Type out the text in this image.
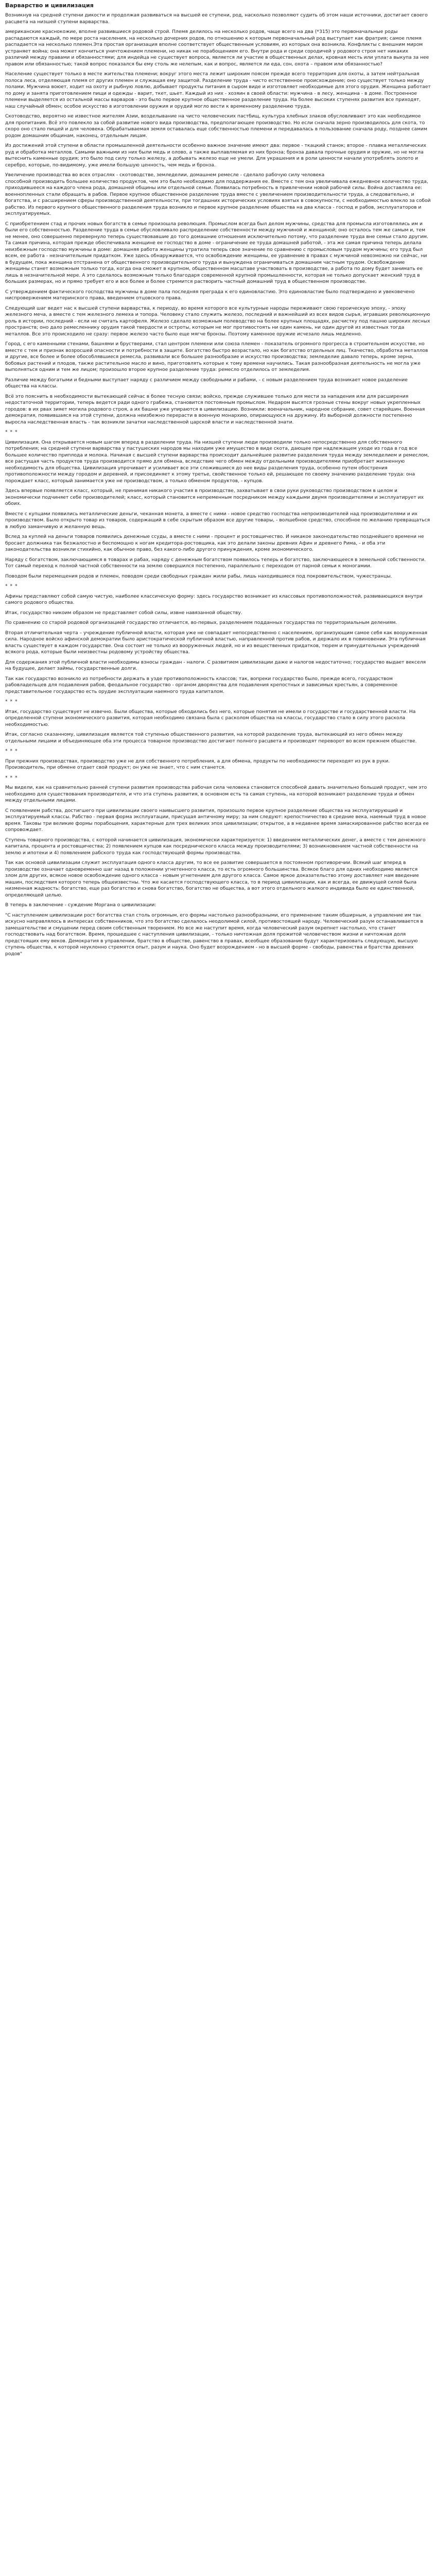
Варварство и цивилизация

Возникнув на средней ступени дикости и продолжая развиваться на высшей ее ступени, род, насколько позволяют судить об этом наши источники, достигает своего расцвета на низшей ступени варварства.

американские краснокожие, вполне развившиеся родовой строй. Племя делилось на несколько родов, чаще всего на два (*315) это первоначальные роды распадаются каждый, по мере роста населения, на несколько дочерних родов, по отношению к которым первоначальный род выступает как фратрия; самое племя распадается на несколько племен.Эта простая организация вполне соответствует общественным условиям, из которых она возникла. Конфликты с внешним миром устраняет война; она может кончиться уничтожением племени, но никак не порабощением его. Внутри рода и среди сородичей у родового строя нет никаких различий между правами и обязанностями; для индейца не существует вопроса, является ли участие в общественных делах, кровная месть или уплата выкупа за нее правом или обязанностью; такой вопрос показался бы ему столь же нелепым, как и вопрос, является ли еда, сон, охота – правом или обязанностью?

Население существует только в месте жительства племени; вокруг этого места лежит широким поясом прежде всего территория для охоты, а затем нейтральная полоса леса, отделяющая племя от других племен и служащая ему защитой. Разделение труда - чисто естественное происхождение; оно существует только между полами. Мужчина воюет, ходит на охоту и рыбную ловлю, добывает продукты питания в сыром виде и изготовляет необходимые для этого орудия. Женщина работает по дому и занята приготовлением пищи и одежды - варит, ткет, шьет. Каждый из них - хозяин в своей области: мужчина - в лесу, женщина - в доме. Построенное племени выделяется из остальной массы варваров - это было первое крупное общественное разделение труда. На более высоких ступенях развития все приходят, наш случайный обмен; особое искусство в изготовлении оружия и орудий могло вести к временному разделению труда.

Скотоводство, вероятно не известное жителям Азии, возделывание на чисто человеческих пастбищ, культура хлебных злаков обусловливают это как необходимое для пропитания. Всё это повлекло за собой развитие нового вида производства, предполагающее производство. Но если сначала зерно производилось для скота, то скоро оно стало пищей и для человека. Обрабатываемая земля оставалась еще собственностью племени и передавалась в пользование сначала роду, позднее самим родом домашним общинам, наконец, отдельным лицам.

Из достижений этой ступени в области промышленной деятельности особенно важное значение имеют два: первое - ткацкий станок; второе - плавка металлических руд и обработка металлов. Самыми важными из них были медь и олово, а также выплавляемая из них бронза; бронза давала прочные орудия и оружие, но не могла вытеснить каменные орудия; это было под силу только железу, а добывать железо еще не умели. Для украшения и в роли ценности начали употреблять золото и серебро, которые, по-видимому, уже имели большую ценность, чем медь и бронза.

Увеличение производства во всех отраслях - скотоводстве, земледелии, домашнем ремесле - сделало рабочую силу человека
способной производить большее количество продуктов, чем это было необходимо для поддержания ее. Вместе с тем она увеличивала ежедневное количество труда, приходившееся на каждого члена рода, домашней общины или отдельной семьи. Появилась потребность в привлечении новой рабочей силы. Война доставляла ее: военнопленных стали обращать в рабов. Первое крупное общественное разделение труда вместе с увеличением производительности труда, а следовательно, и богатства, и с расширением сферы производственной деятельности, при тогдашних исторических условиях взятых в совокупности, с необходимостью влекло за собой рабство. Из первого крупного общественного разделения труда возникло и первое крупное разделение общества на два класса - господ и рабов, эксплуататоров и эксплуатируемых.

С приобретением стад и прочих новых богатств в семье произошла революция. Промыслом всегда был делом мужчины, средства для промысла изготовлялись им и были его собственностью. Разделение труда в семье обусловливало распределение собственности между мужчиной и женщиной; оно осталось тем же самым и, тем не менее, оно совершенно перевернуло теперь существовавшие до того домашние отношения исключительно потому, что разделение труда вне семьи стало другим. Та самая причина, которая прежде обеспечивала женщине ее господство в доме - ограничение ее труда домашней работой, - эта же самая причина теперь делала неизбежным господство мужчины в доме: домашняя работа женщины утратила теперь свое значение по сравнению с промысловым трудом мужчины; его труд был всем, ее работа - незначительным придатком. Уже здесь обнаруживается, что освобождение женщины, ее уравнение в правах с мужчиной невозможно ни сейчас, ни в будущем, пока женщина отстранена от общественного производительного труда и вынуждена ограничиваться домашним частным трудом. Освобождение женщины станет возможным только тогда, когда она сможет в крупном, общественном масштаве участвовать в производстве, а работа по дому будет занимать ее лишь в незначительной мере. А это сделалось возможным только благодаря современной крупной промышленности, которая не только допускает женский труд в больших размерах, но и прямо требует его и все более и более стремится растворить частный домашний труд в общественном производстве.

С утверждением фактического господства мужчины в доме пала последняя преграда к его единовластию. Это единовластие было подтверждено и увековечено ниспровержением материнского права, введением отцовского права.

Следующий шаг ведет нас к высшей ступени варварства, к периоду, во время которого все культурные народы переживают свою героическую эпоху, - эпоху железного меча, а вместе с тем железного лемеха и топора. Человеку стало служить железо, последний и важнейший из всех видов сырья, игравших революционную роль в истории, последний - если не считать картофеля. Железо сделало возможным полеводство на более крупных площадях, расчистку под пашню широких лесных пространств; оно дало ремесленнику орудия такой твердости и остроты, которым не мог противостоять ни один камень, ни один другой из известных тогда металлов. Все это происходило не сразу: первое железо часто было еще мягче бронзы. Поэтому каменное оружие исчезало лишь медленно.

Город, с его каменными стенами, башнями и брустверами, стал центром племени или союза племен - показатель огромного прогресса в строительном искусстве, но вместе с тем и признак возросшей опасности и потребности в защите. Богатство быстро возрастало, но как богатство отдельных лиц. Ткачество, обработка металлов и другие, все более и более обособлявшиеся ремесла, развивали все большее разнообразие и искусство производства; земледелие давало теперь, кроме зерна, бобовых растений и плодов, также растительное масло и вино, приготовлять которые к тому времени научились. Такая разнообразная деятельность не могла уже выполняться одним и тем же лицом; произошло второе крупное разделение труда: ремесло отделилось от земледелия.

Различие между богатыми и бедными выступает наряду с различием между свободными и рабами, - с новым разделением труда возникает новое разделение общества на классы.

Всё это пояснить в необходимости вытекающей сейчас в более тесную связи; войско, прежде служившее только для мести за нападения или для расширения недостаточной территории, теперь ведется ради одного грабежа, становится постоянным промыслом. Недаром высятся грозные стены вокруг новых укрепленных городов: в их рвах зияет могила родового строя, а их башни уже упираются в цивилизацию. Возникли: военачальник, народное собрание, совет старейшин. Военная демократия, появившаяся на этой ступени, должна неизбежно перерасти в военную монархию, опирающуюся на дружину. Из выборной должности постепенно выросла наследственная власть - так возникли зачатки наследственной царской власти и наследственной знати.

* * *

Цивилизация. Она открывается новым шагом вперед в разделении труда. На низшей ступени люди производили только непосредственно для собственного потребления; на средней ступени варварства у пастушеских народов мы находим уже имущество в виде скота, дающее при надлежащем уходе из года в год все большее количество приплода и молока. Начиная с высшей ступени варварства происходит дальнейшее развитие разделения труда между земледелием и ремеслом, все растущая часть продуктов труда производится прямо для обмена, вследствие чего обмен между отдельными производителями приобретает жизненную необходимость для общества. Цивилизация упрочивает и усиливает все эти сложившиеся до нее виды разделения труда, особенно путем обострения противоположности между городом и деревней, и присоединяет к этому третье, свойственное только ей, решающее по своему значению разделение труда: она порождает класс, который занимается уже не производством, а только обменом продуктов, - купцов.

Здесь впервые появляется класс, который, не принимая никакого участия в производстве, захватывает в свои руки руководство производством в целом и экономически подчиняет себе производителей; класс, который становится непременным посредником между каждыми двумя производителями и эксплуатирует их обоих.

Вместе с купцами появились металлические деньги, чеканная монета, а вместе с ними - новое средство господства непроизводителей над производителями и их производством. Было открыто товар из товаров, содержащий в себе скрытым образом все другие товары, - волшебное средство, способное по желанию превращаться в любую заманчивую и желанную вещь.

Вслед за куплей на деньги товаров появились денежные ссуды, а вместе с ними - процент и ростовщичество. И никакое законодательство позднейшего времени не бросает должника так безжалостно и беспомощно к ногам кредитора-ростовщика, как это делали законы древних Афин и древнего Рима, - и оба эти законодательства возникли стихийно, как обычное право, без какого-либо другого принуждения, кроме экономического.

Наряду с богатством, заключающимся в товарах и рабах, наряду с денежным богатством появилось теперь и богатство, заключающееся в земельной собственности. Тот самый переход к полной частной собственности на землю совершился постепенно, параллельно с переходом от парной семьи к моногамии.

Поводом были перемещения родов и племен, поводом среди свободных граждан жили рабы, лишь находившиеся под покровительством, чужестранцы.

* * *

Афины представляют собой самую чистую, наиболее классическую форму: здесь государство возникает из классовых противоположностей, развивающихся внутри самого родового общества.

Итак, государство никоим образом не представляет собой силы, извне навязанной обществу.

По сравнению со старой родовой организацией государство отличается, во-первых, разделением подданных государства по территориальным делениям.

Вторая отличительная черта – учреждение публичной власти, которая уже не совпадает непосредственно с населением, организующим самое себя как вооруженная сила. Народное войско афинской демократии было аристократической публичной властью, направленной против рабов, и держало их в повиновении. Эта публичная власть существует в каждом государстве. Она состоит не только из вооруженных людей, но и из вещественных придатков, тюрем и принудительных учреждений всякого рода, которые были неизвестны родовому устройству общества.

Для содержания этой публичной власти необходимы взносы граждан - налоги. С развитием цивилизации даже и налогов недостаточно; государство выдает векселя на будущее, делает займы, государственные долги.

Так как государство возникло из потребности держать в узде противоположность классов; так, вопреки государство было, прежде всего, государством рабовладельцев для подавления рабов, феодальное государство - органом дворянства для подавления крепостных и зависимых крестьян, а современное представительное государство есть орудие эксплуатации наемного труда капиталом.

* * *

Итак, государство существует не извечно. Были общества, которые обходились без него, которые понятия не имели о государстве и государственной власти. На определенной ступени экономического развития, которая необходимо связана была с расколом общества на классы, государство стало в силу этого раскола необходимостью.

Итак, согласно сказанному, цивилизация является той ступенью общественного развития, на которой разделение труда, вытекающий из него обмен между отдельными лицами и объединяющее оба эти процесса товарное производство достигают полного расцвета и производят переворот во всем прежнем обществе.

* * *

При прежних производствах, производство уже не для собственного потребления, а для обмена, продукты по необходимости переходят из рук в руки. Производитель, при обмене отдает свой продукт; он уже не знает, что с ним станется.

* * *

Мы видели, как на сравнительно ранней ступени развития производства рабочая сила человека становится способной давать значительно больший продукт, чем это необходимо для существования производителя, и что эта ступень развития, в основном есть та самая ступень, на которой возникают разделение труда и обмен между отдельными лицами.

С появлением рабства, достигшего при цивилизации своего наивысшего развития, произошло первое крупное разделение общества на эксплуатирующий и эксплуатируемый классы. Рабство - первая форма эксплуатации, присущая античному миру; за ним следуют: крепостничество в средние века, наемный труд в новое время. Таковы три великие формы порабощения, характерные для трех великих эпох цивилизации; открытое, а в недавнее время замаскированное рабство всегда ее сопровождает.

Ступень товарного производства, с которой начинается цивилизация, экономически характеризуется: 1) введением металлических денег, а вместе с тем денежного капитала, процента и ростовщичества; 2) появлением купцов как посреднического класса между производителями; 3) возникновением частной собственности на землю и ипотеки и 4) появлением рабского труда как господствующей формы производства.

Так как основой цивилизации служит эксплуатация одного класса другим, то все ее развитие совершается в постоянном противоречии. Всякий шаг вперед в производстве означает одновременно шаг назад в положении угнетенного класса, то есть огромного большинства. Всякое благо для одних необходимо является злом для других, всякое новое освобождение одного класса - новым угнетением для другого класса. Самое яркое доказательство этому доставляет нам введение машин, последствия которого теперь общеизвестны. Что же касается господствующего класса, то в период цивилизации, как и всегда, ее движущей силой была низменная жадность: богатство, еще раз богатство и снова богатство, богатство не общества, а вот этого отдельного жалкого индивида было ее единственной, определяющей целью.

В теперь в заключение - суждение Моргана о цивилизации:

"С наступлением цивилизации рост богатства стал столь огромным, его формы настолько разнообразными, его применение таким обширным, а управление им так искусно направлялось в интересах собственников, что это богатство сделалось неодолимой силой, противостоящей народу. Человеческий разум останавливается в замешательстве и смущении перед своим собственным творением. Но все же наступит время, когда человеческий разум окрепнет настолько, что станет господствовать над богатством. Время, прошедшее с наступления цивилизации, - только ничтожная доля прожитой человечеством жизни и ничтожная доля предстоящих ему веков. Демократия в управлении, братство в обществе, равенство в правах, всеобщее образование будут характеризовать следующую, высшую ступень общества, к которой неуклонно стремятся опыт, разум и наука. Оно будет возрождением - но в высшей форме - свободы, равенства и братства древних родов"
